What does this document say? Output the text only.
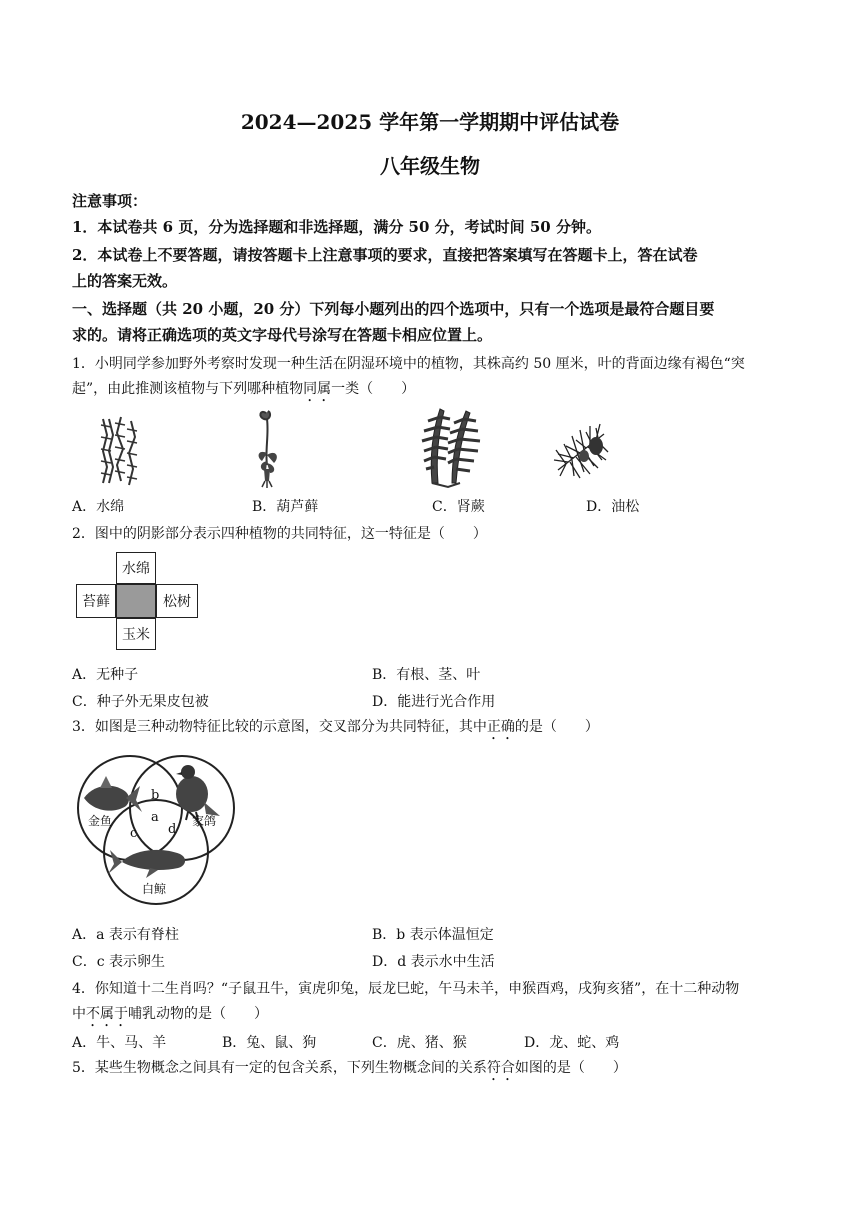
2024—2025 学年第一学期期中评估试卷
八年级生物
注意事项：
1．本试卷共 6 页，分为选择题和非选择题，满分 50 分，考试时间 50 分钟。
2．本试卷上不要答题，请按答题卡上注意事项的要求，直接把答案填写在答题卡上，答在试卷
上的答案无效。
一、选择题（共 20 小题，20 分）下列每小题列出的四个选项中，只有一个选项是最符合题目要
求的。请将正确选项的英文字母代号涂写在答题卡相应位置上。
1．小明同学参加野外考察时发现一种生活在阴湿环境中的植物，其株高约 50 厘米，叶的背面边缘有褐色“突
起”，由此推测该植物与下列哪种植物同属一类（　　）
A．水绵	B．葫芦藓	C．肾蕨	D．油松
2．图中的阴影部分表示四种植物的共同特征，这一特征是（　　）
水绵
苔藓	松树
玉米
A．无种子	B．有根、茎、叶
C．种子外无果皮包被	D．能进行光合作用
3．如图是三种动物特征比较的示意图，交叉部分为共同特征，其中正确的是（　　）
金鱼	家鸽
白鲸
b
a
c d
A．a 表示有脊柱	B．b 表示体温恒定
C．c 表示卵生	D．d 表示水中生活
4．你知道十二生肖吗？“子鼠丑牛，寅虎卯兔，辰龙巳蛇，午马未羊，申猴酉鸡，戌狗亥猪”，在十二种动物
中不属于哺乳动物的是（　　）
A．牛、马、羊	B．兔、鼠、狗	C．虎、猪、猴	D．龙、蛇、鸡
5．某些生物概念之间具有一定的包含关系，下列生物概念间的关系符合如图的是（　　）
